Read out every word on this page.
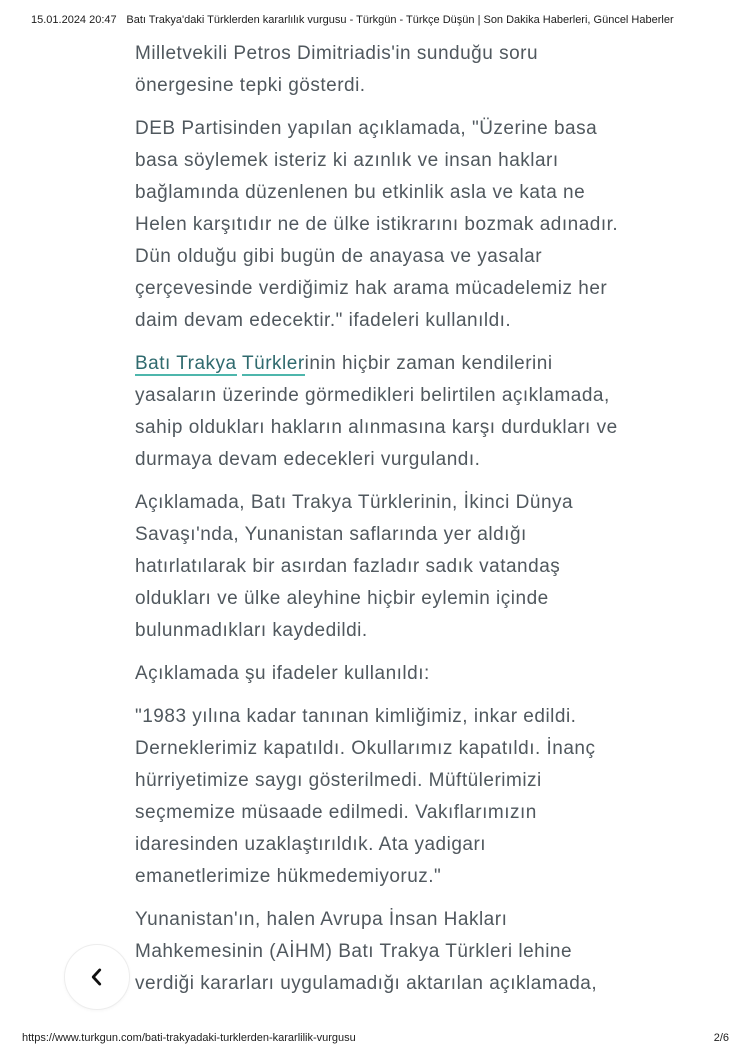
15.01.2024 20:47 Batı Trakya'daki Türklerden kararlılık vurgusu - Türkgün - Türkçe Düşün | Son Dakika Haberleri, Güncel Haberler

Milletvekili Petros Dimitriadis'in sunduğu soru önergesine tepki gösterdi.

DEB Partisinden yapılan açıklamada, "Üzerine basa basa söylemek isteriz ki azınlık ve insan hakları bağlamında düzenlenen bu etkinlik asla ve kata ne Helen karşıtıdır ne de ülke istikrarını bozmak adınadır. Dün olduğu gibi bugün de anayasa ve yasalar çerçevesinde verdiğimiz hak arama mücadelemiz her daim devam edecektir." ifadeleri kullanıldı.

Batı Trakya Türklerinin hiçbir zaman kendilerini yasaların üzerinde görmedikleri belirtilen açıklamada, sahip oldukları hakların alınmasına karşı durdukları ve durmaya devam edecekleri vurgulandı.

Açıklamada, Batı Trakya Türklerinin, İkinci Dünya Savaşı'nda, Yunanistan saflarında yer aldığı hatırlatılarak bir asırdan fazladır sadık vatandaş oldukları ve ülke aleyhine hiçbir eylemin içinde bulunmadıkları kaydedildi.

Açıklamada şu ifadeler kullanıldı:

"1983 yılına kadar tanınan kimliğimiz, inkar edildi. Derneklerimiz kapatıldı. Okullarımız kapatıldı. İnanç hürriyetimize saygı gösterilmedi. Müftülerimizi seçmemize müsaade edilmedi. Vakıflarımızın idaresinden uzaklaştırıldık. Ata yadigarı emanetlerimize hükmedemiyoruz."

Yunanistan'ın, halen Avrupa İnsan Hakları Mahkemesinin (AİHM) Batı Trakya Türkleri lehine verdiği kararları uygulamadığı aktarılan açıklamada,

https://www.turkgun.com/bati-trakyadaki-turklerden-kararlilik-vurgusu	2/6
